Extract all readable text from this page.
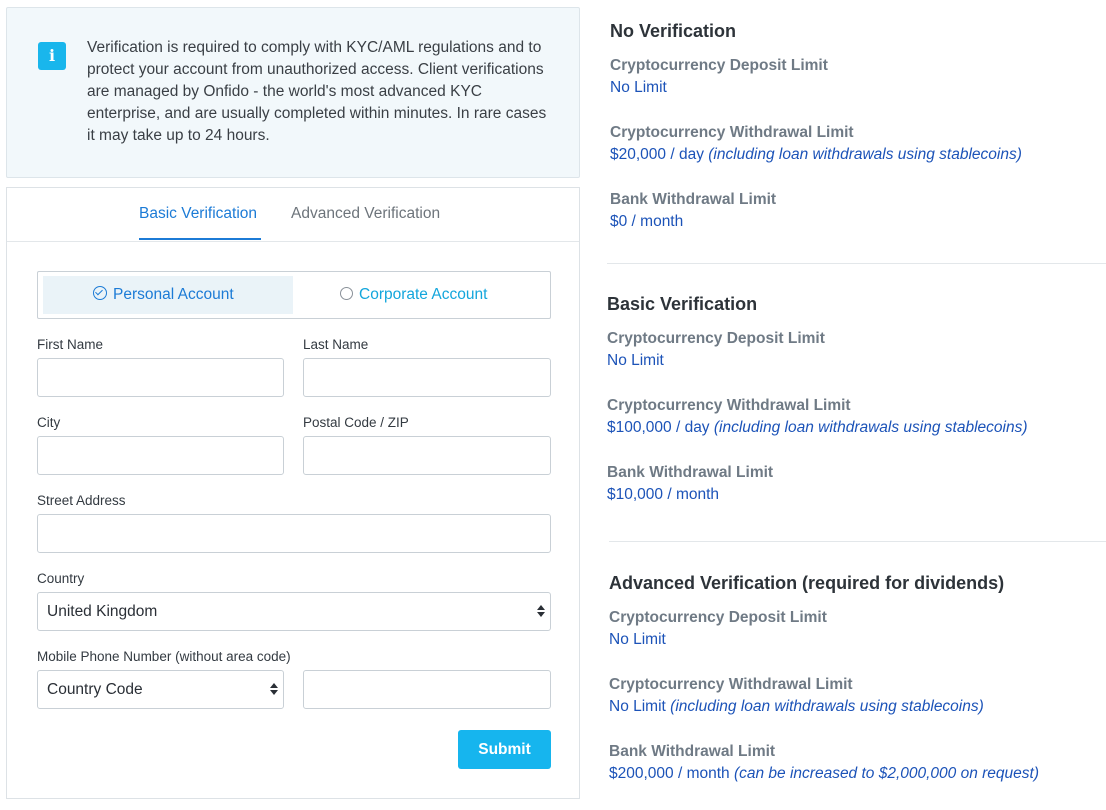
i	Verification is required to comply with KYC/AML regulations and to protect your account from unauthorized access. Client verifications are managed by Onfido - the world's most advanced KYC enterprise, and are usually completed within minutes. In rare cases it may take up to 24 hours.

Basic Verification Advanced Verification
Personal Account	Corporate Account
First Name	Last Name
City	Postal Code / ZIP
Street Address
Country
United Kingdom
Mobile Phone Number (without area code)
Country Code
Submit
No Verification
Cryptocurrency Deposit Limit
No Limit
Cryptocurrency Withdrawal Limit
$20,000 / day (including loan withdrawals using stablecoins)
Bank Withdrawal Limit
$0 / month
Basic Verification
Cryptocurrency Deposit Limit
No Limit
Cryptocurrency Withdrawal Limit
$100,000 / day (including loan withdrawals using stablecoins)
Bank Withdrawal Limit
$10,000 / month
Advanced Verification (required for dividends)
Cryptocurrency Deposit Limit
No Limit
Cryptocurrency Withdrawal Limit
No Limit (including loan withdrawals using stablecoins)
Bank Withdrawal Limit
$200,000 / month (can be increased to $2,000,000 on request)
